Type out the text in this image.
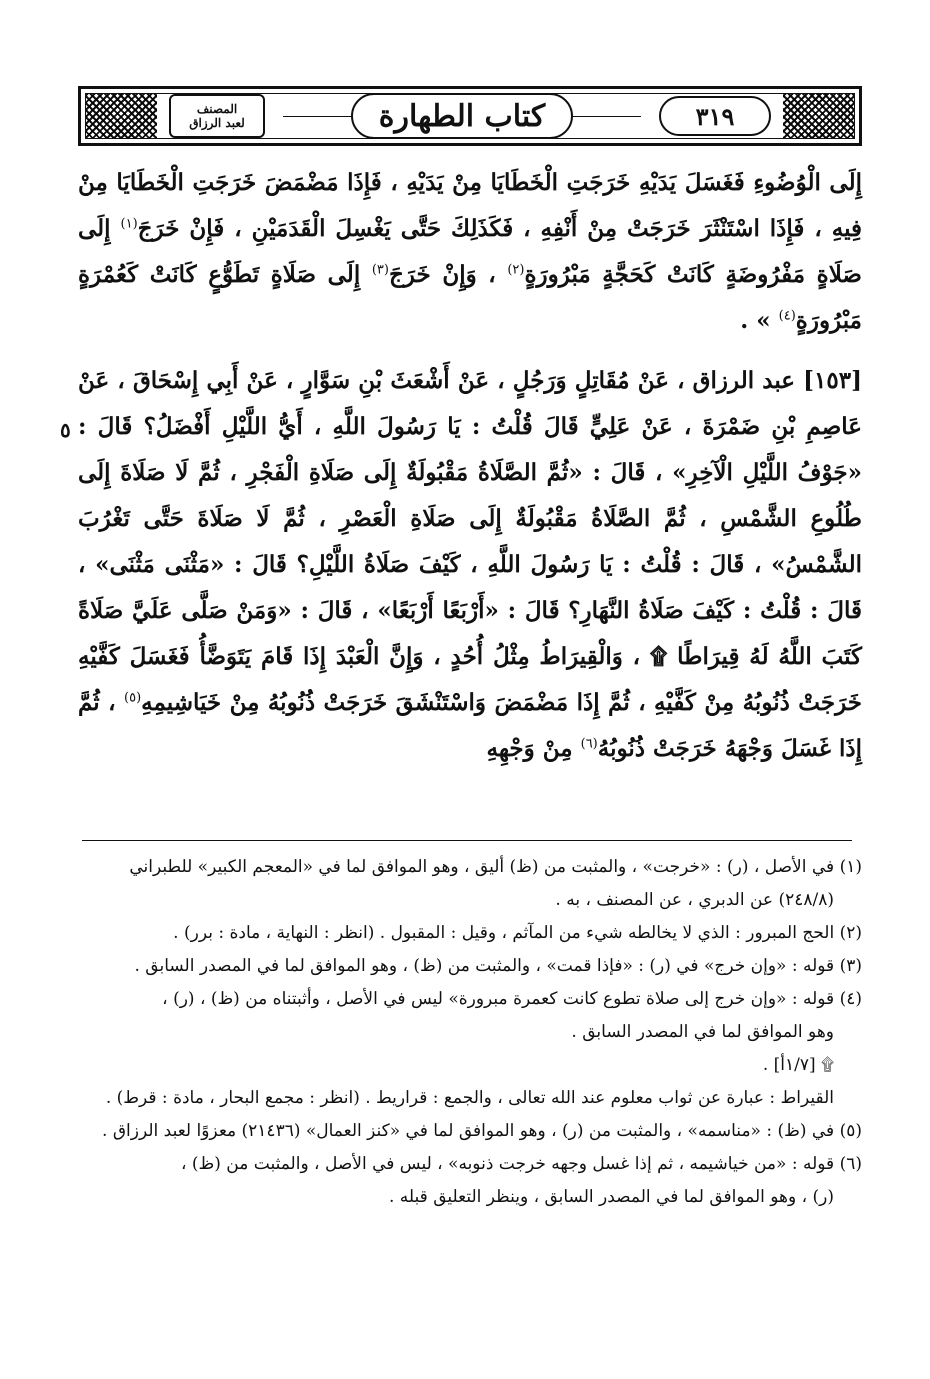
٣١٩
كتاب الطهارة
المصنف
لعبد الرزاق
٥

إِلَى الْوُضُوءِ فَغَسَلَ يَدَيْهِ خَرَجَتِ الْخَطَايَا مِنْ يَدَيْهِ ، فَإِذَا مَضْمَضَ خَرَجَتِ الْخَطَايَا مِنْ فِيهِ ، فَإِذَا اسْتَنْثَرَ خَرَجَتْ مِنْ أَنْفِهِ ، فَكَذَلِكَ حَتَّى يَغْسِلَ الْقَدَمَيْنِ ، فَإِنْ خَرَجَ$^{(١)}$ إِلَى صَلَاةٍ مَفْرُوضَةٍ كَانَتْ كَحَجَّةٍ مَبْرُورَةٍ$^{(٢)}$ ، وَإِنْ خَرَجَ$^{(٣)}$ إِلَى صَلَاةٍ تَطَوُّعٍ كَانَتْ كَعُمْرَةٍ مَبْرُورَةٍ$^{(٤)}$ » .

[١٥٣] عبد الرزاق ، عَنْ مُقَاتِلٍ وَرَجُلٍ ، عَنْ أَشْعَثَ بْنِ سَوَّارٍ ، عَنْ أَبِي إِسْحَاقَ ، عَنْ عَاصِمِ بْنِ ضَمْرَةَ ، عَنْ عَلِيٍّ قَالَ قُلْتُ : يَا رَسُولَ اللَّهِ ، أَيُّ اللَّيْلِ أَفْضَلُ؟ قَالَ : «جَوْفُ اللَّيْلِ الْآخِرِ» ، قَالَ : «ثُمَّ الصَّلَاةُ مَقْبُولَةٌ إِلَى صَلَاةِ الْفَجْرِ ، ثُمَّ لَا صَلَاةَ إِلَى طُلُوعِ الشَّمْسِ ، ثُمَّ الصَّلَاةُ مَقْبُولَةٌ إِلَى صَلَاةِ الْعَصْرِ ، ثُمَّ لَا صَلَاةَ حَتَّى تَغْرُبَ الشَّمْسُ» ، قَالَ : قُلْتُ : يَا رَسُولَ اللَّهِ ، كَيْفَ صَلَاةُ اللَّيْلِ؟ قَالَ : «مَثْنَى مَثْنَى» ، قَالَ : قُلْتُ : كَيْفَ صَلَاةُ النَّهَارِ؟ قَالَ : «أَرْبَعًا أَرْبَعًا» ، قَالَ : «وَمَنْ صَلَّى عَلَيَّ صَلَاةً كَتَبَ اللَّهُ لَهُ قِيرَاطًا ۩ ، وَالْقِيرَاطُ مِثْلُ أُحُدٍ ، وَإِنَّ الْعَبْدَ إِذَا قَامَ يَتَوَضَّأُ فَغَسَلَ كَفَّيْهِ خَرَجَتْ ذُنُوبُهُ مِنْ كَفَّيْهِ ، ثُمَّ إِذَا مَضْمَضَ وَاسْتَنْشَقَ خَرَجَتْ ذُنُوبُهُ مِنْ خَيَاشِيمِهِ$^{(٥)}$ ، ثُمَّ إِذَا غَسَلَ وَجْهَهُ خَرَجَتْ ذُنُوبُهُ$^{(٦)}$ مِنْ وَجْهِهِ

(١) في الأصل ، (ر) : «خرجت» ، والمثبت من (ظ) أليق ، وهو الموافق لما في «المعجم الكبير» للطبراني

(٢٤٨/٨) عن الدبري ، عن المصنف ، به .

(٢) الحج المبرور : الذي لا يخالطه شيء من المآثم ، وقيل : المقبول . (انظر : النهاية ، مادة : برر) .

(٣) قوله : «وإن خرج» في (ر) : «فإذا قمت» ، والمثبت من (ظ) ، وهو الموافق لما في المصدر السابق .

(٤) قوله : «وإن خرج إلى صلاة تطوع كانت كعمرة مبرورة» ليس في الأصل ، وأثبتناه من (ظ) ، (ر) ،

وهو الموافق لما في المصدر السابق .

۩ [١/٧أ] .

القيراط : عبارة عن ثواب معلوم عند الله تعالى ، والجمع : قراريط . (انظر : مجمع البحار ، مادة : قرط) .

(٥) في (ظ) : «مناسمه» ، والمثبت من (ر) ، وهو الموافق لما في «كنز العمال» (٢١٤٣٦) معزوًا لعبد الرزاق .

(٦) قوله : «من خياشيمه ، ثم إذا غسل وجهه خرجت ذنوبه» ، ليس في الأصل ، والمثبت من (ظ) ،

(ر) ، وهو الموافق لما في المصدر السابق ، وينظر التعليق قبله .
